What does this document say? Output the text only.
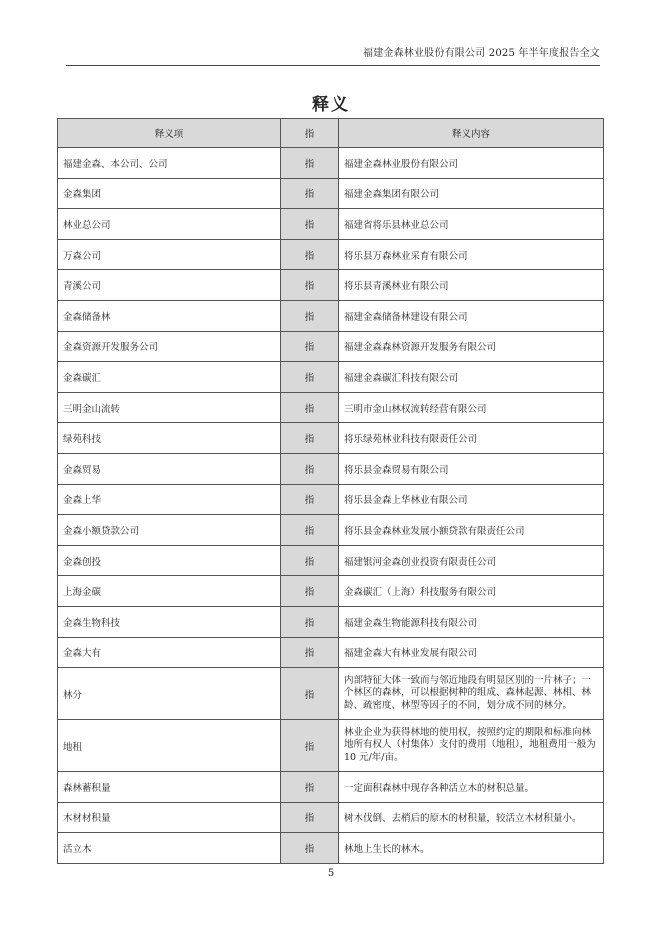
福建金森林业股份有限公司 2025 年半年度报告全文
释义
释义项	指	释义内容
福建金森、本公司、公司	指	福建金森林业股份有限公司
金森集团	指	福建金森集团有限公司
林业总公司	指	福建省将乐县林业总公司
万森公司	指	将乐县万森林业采育有限公司
青溪公司	指	将乐县青溪林业有限公司
金森储备林	指	福建金森储备林建设有限公司
金森资源开发服务公司	指	福建金森森林资源开发服务有限公司
金森碳汇	指	福建金森碳汇科技有限公司
三明金山流转	指	三明市金山林权流转经营有限公司
绿苑科技	指	将乐绿苑林业科技有限责任公司
金森贸易	指	将乐县金森贸易有限公司
金森上华	指	将乐县金森上华林业有限公司
金森小额贷款公司	指	将乐县金森林业发展小额贷款有限责任公司
金森创投	指	福建银河金森创业投资有限责任公司
上海金碳	指	金森碳汇（上海）科技服务有限公司
金森生物科技	指	福建金森生物能源科技有限公司
金森大有	指	福建金森大有林业发展有限公司
林分	指	内部特征大体一致而与邻近地段有明显区别的一片林子；一个林区的森林，可以根据树种的组成、森林起源、林相、林龄、疏密度、林型等因子的不同，划分成不同的林分。
地租	指	林业企业为获得林地的使用权，按照约定的期限和标准向林地所有权人（村集体）支付的费用（地租），地租费用一般为 10 元/年/亩。
森林蓄积量	指	一定面积森林中现存各种活立木的材积总量。
木材材积量	指	树木伐倒、去梢后的原木的材积量，较活立木材积量小。
活立木	指	林地上生长的林木。
5
